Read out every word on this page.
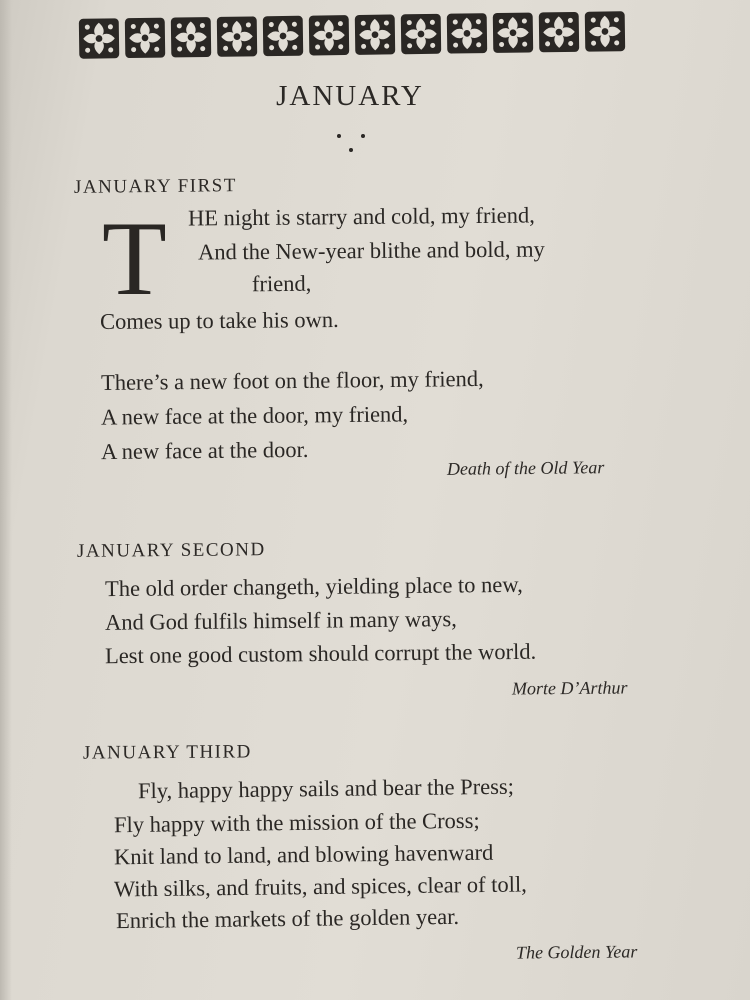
JANUARY
JANUARY FIRST
T HE night is starry and cold, my friend,
And the New-year blithe and bold, my
friend,
Comes up to take his own.
There’s a new foot on the floor, my friend,
A new face at the door, my friend,
A new face at the door.
Death of the Old Year
JANUARY SECOND
The old order changeth, yielding place to new,
And God fulfils himself in many ways,
Lest one good custom should corrupt the world.
Morte D’Arthur
JANUARY THIRD
Fly, happy happy sails and bear the Press;
Fly happy with the mission of the Cross;
Knit land to land, and blowing havenward
With silks, and fruits, and spices, clear of toll,
Enrich the markets of the golden year.
The Golden Year
